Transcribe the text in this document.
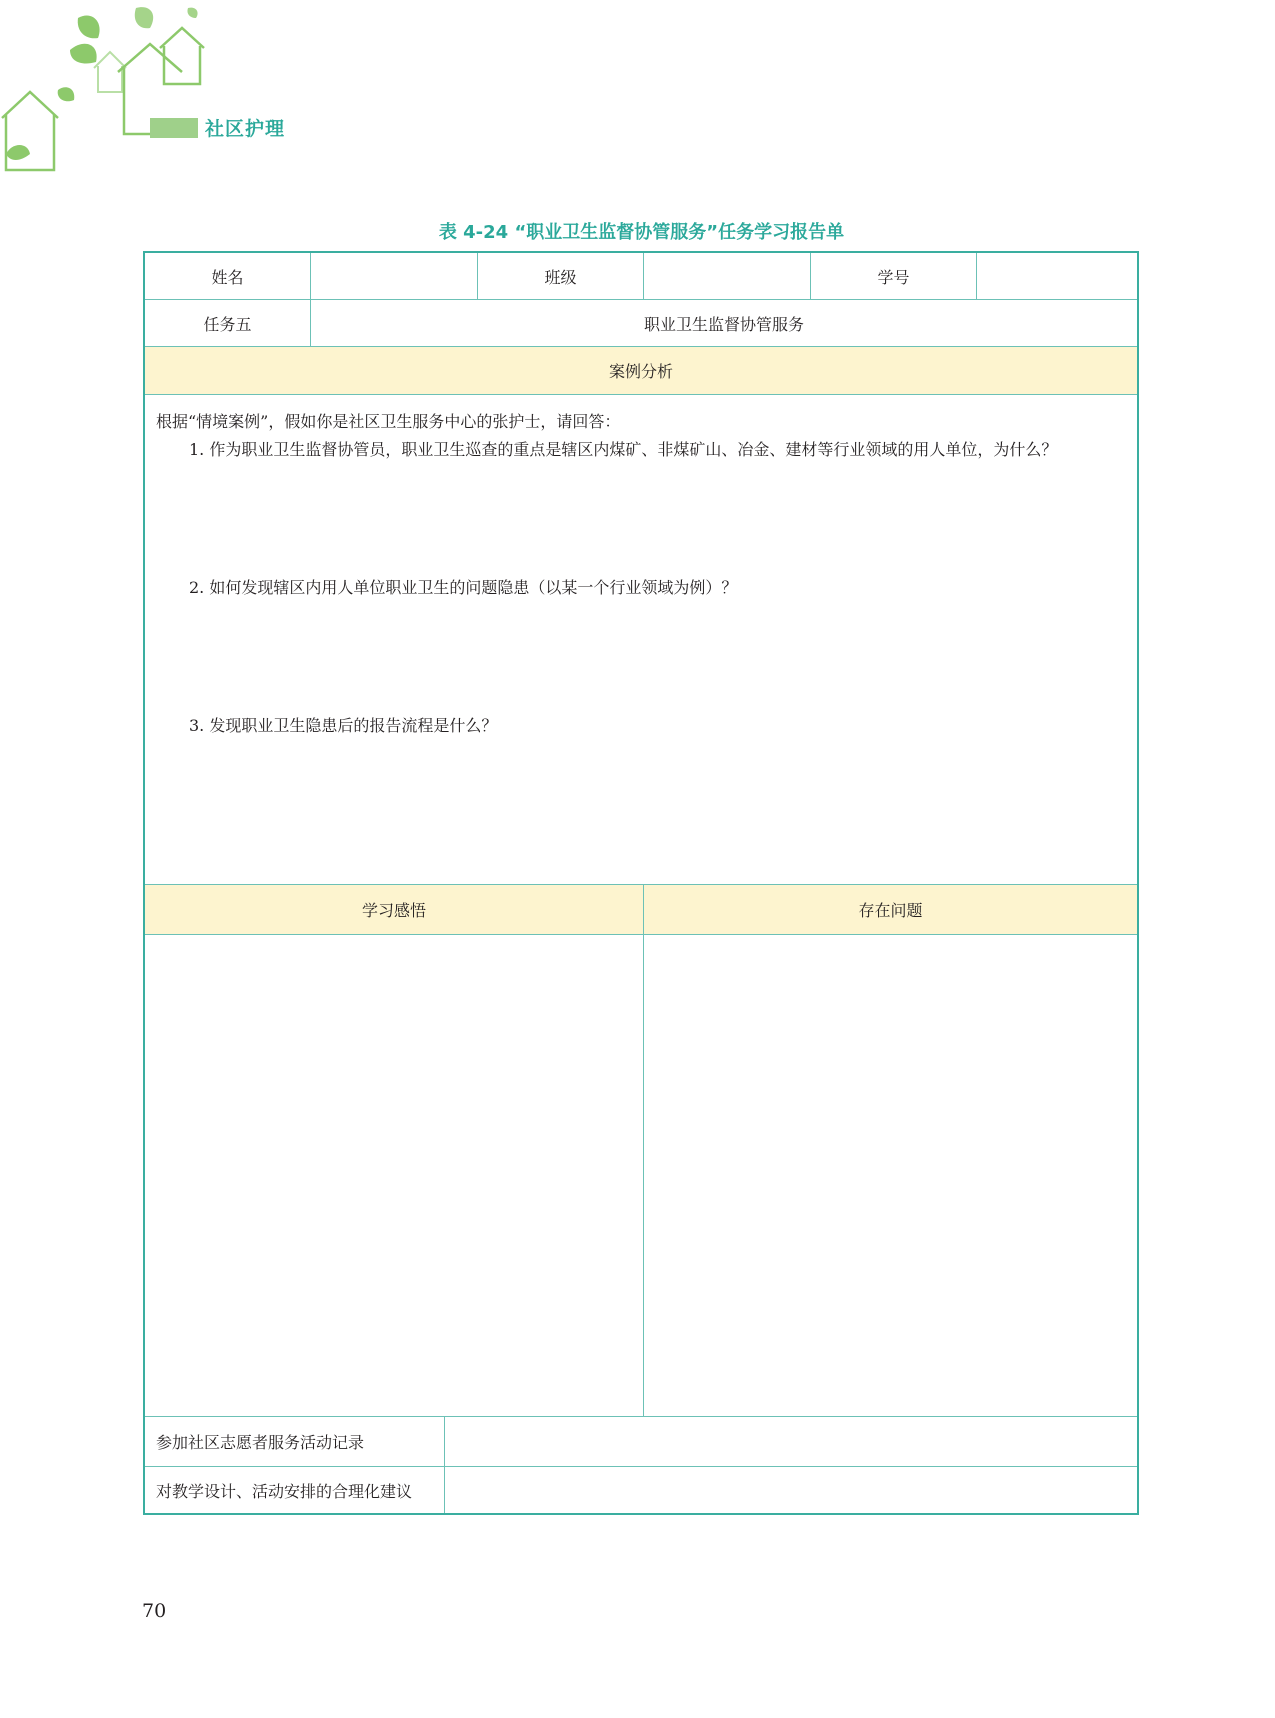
社区护理
表 4-24 “职业卫生监督协管服务”任务学习报告单
姓名	班级	学号
任务五	职业卫生监督协管服务
案例分析
根据“情境案例”，假如你是社区卫生服务中心的张护士，请回答：
1. 作为职业卫生监督协管员，职业卫生巡查的重点是辖区内煤矿、非煤矿山、冶金、建材等行业领域的用人单位，为什么？
2. 如何发现辖区内用人单位职业卫生的问题隐患（以某一个行业领域为例）？
3. 发现职业卫生隐患后的报告流程是什么？
学习感悟	存在问题
参加社区志愿者服务活动记录
对教学设计、活动安排的合理化建议
70
